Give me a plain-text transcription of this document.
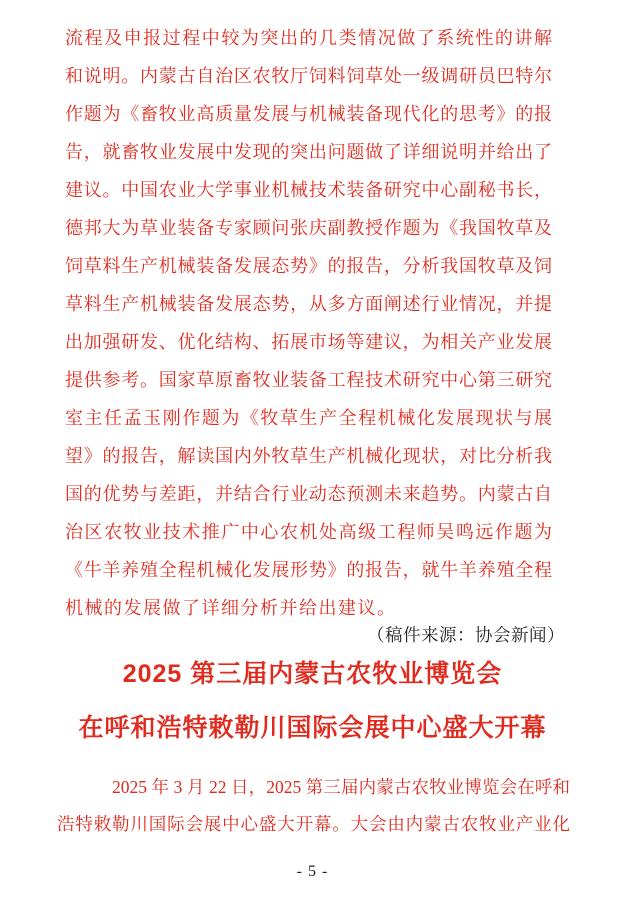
流程及申报过程中较为突出的几类情况做了系统性的讲解
和说明。内蒙古自治区农牧厅饲料饲草处一级调研员巴特尔
作题为《畜牧业高质量发展与机械装备现代化的思考》的报
告，就畜牧业发展中发现的突出问题做了详细说明并给出了
建议。中国农业大学事业机械技术装备研究中心副秘书长，
德邦大为草业装备专家顾问张庆副教授作题为《我国牧草及
饲草料生产机械装备发展态势》的报告，分析我国牧草及饲
草料生产机械装备发展态势，从多方面阐述行业情况，并提
出加强研发、优化结构、拓展市场等建议，为相关产业发展
提供参考。国家草原畜牧业装备工程技术研究中心第三研究
室主任孟玉刚作题为《牧草生产全程机械化发展现状与展
望》的报告，解读国内外牧草生产机械化现状，对比分析我
国的优势与差距，并结合行业动态预测未来趋势。内蒙古自
治区农牧业技术推广中心农机处高级工程师吴鸣远作题为
《牛羊养殖全程机械化发展形势》的报告，就牛羊养殖全程
机械的发展做了详细分析并给出建议。
（稿件来源：协会新闻）
2025 第三届内蒙古农牧业博览会
在呼和浩特敕勒川国际会展中心盛大开幕
2025 年 3 月 22 日，2025 第三届内蒙古农牧业博览会在呼和
浩特敕勒川国际会展中心盛大开幕。大会由内蒙古农牧业产业化
- 5 -
